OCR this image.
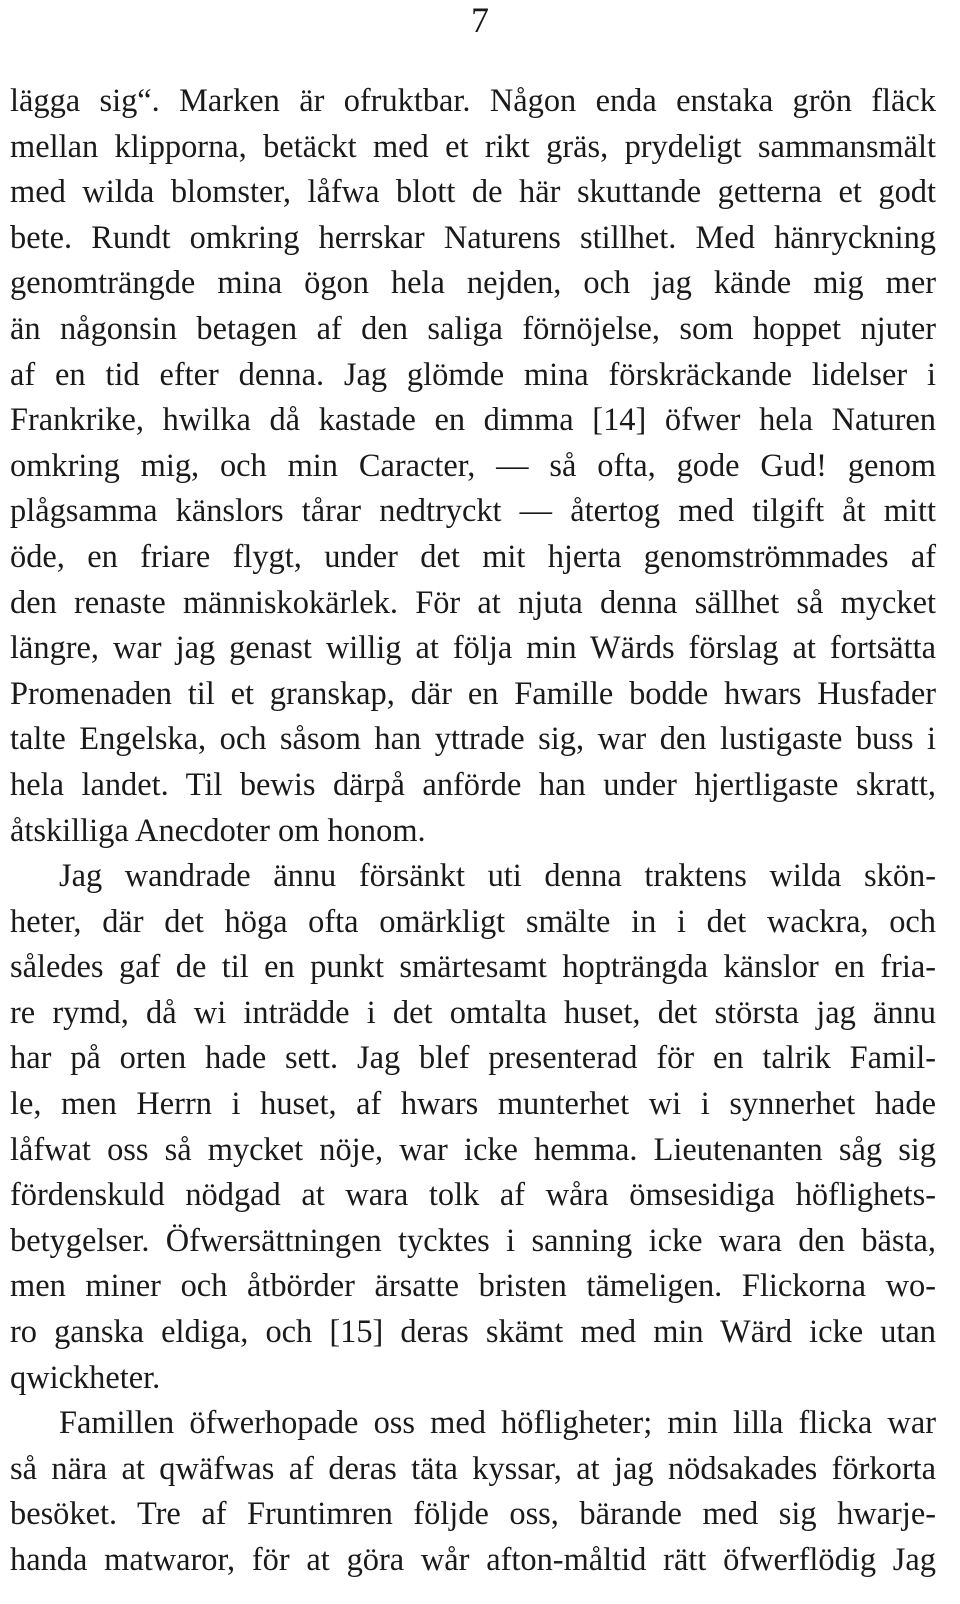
7
lägga sig“. Marken är ofruktbar. Någon enda enstaka grön fläck
mellan klipporna, betäckt med et rikt gräs, prydeligt sammansmält
med wilda blomster, låfwa blott de här skuttande getterna et godt
bete. Rundt omkring herrskar Naturens stillhet. Med hänryckning
genomträngde mina ögon hela nejden, och jag kände mig mer
än någonsin betagen af den saliga förnöjelse, som hoppet njuter
af en tid efter denna. Jag glömde mina förskräckande lidelser i
Frankrike, hwilka då kastade en dimma [14] öfwer hela Naturen
omkring mig, och min Caracter, — så ofta, gode Gud! genom
plågsamma känslors tårar nedtryckt — återtog med tilgift åt mitt
öde, en friare flygt, under det mit hjerta genomströmmades af
den renaste människokärlek. För at njuta denna sällhet så mycket
längre, war jag genast willig at följa min Wärds förslag at fortsätta
Promenaden til et granskap, där en Famille bodde hwars Husfader
talte Engelska, och såsom han yttrade sig, war den lustigaste buss i
hela landet. Til bewis därpå anförde han under hjertligaste skratt,
åtskilliga Anecdoter om honom.
Jag wandrade ännu försänkt uti denna traktens wilda skön-
heter, där det höga ofta omärkligt smälte in i det wackra, och
således gaf de til en punkt smärtesamt hopträngda känslor en fria-
re rymd, då wi inträdde i det omtalta huset, det största jag ännu
har på orten hade sett. Jag blef presenterad för en talrik Famil-
le, men Herrn i huset, af hwars munterhet wi i synnerhet hade
låfwat oss så mycket nöje, war icke hemma. Lieutenanten såg sig
fördenskuld nödgad at wara tolk af wåra ömsesidiga höflighets-
betygelser. Öfwersättningen tycktes i sanning icke wara den bästa,
men miner och åtbörder ärsatte bristen tämeligen. Flickorna wo-
ro ganska eldiga, och [15] deras skämt med min Wärd icke utan
qwickheter.
Famillen öfwerhopade oss med höfligheter; min lilla flicka war
så nära at qwäfwas af deras täta kyssar, at jag nödsakades förkorta
besöket. Tre af Fruntimren följde oss, bärande med sig hwarje-
handa matwaror, för at göra wår afton-måltid rätt öfwerflödig Jag
